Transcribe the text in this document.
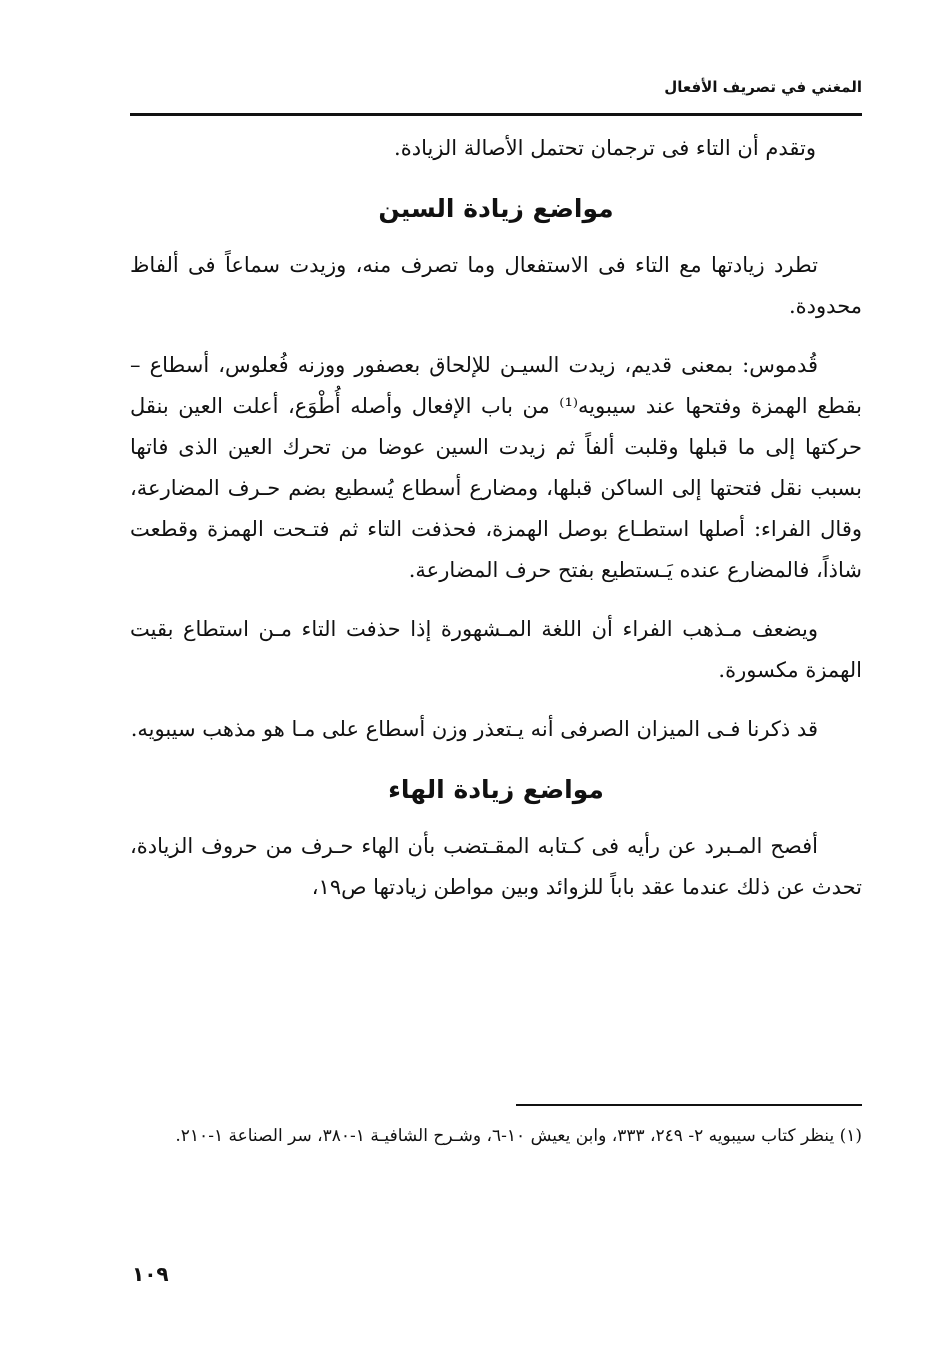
المغني في تصريف الأفعال

وتقدم أن التاء فى ترجمان تحتمل الأصالة الزيادة.

مواضع زيادة السين

تطرد زيادتها مع التاء فى الاستفعال وما تصرف منه، وزيدت سماعاً فى ألفاظ محدودة.

قُدموس: بمعنى قديم، زيدت السيـن للإلحاق بعصفور ووزنه فُعلوس، أسطاع – بقطع الهمزة وفتحها عند سيبويه⁽¹⁾ من باب الإفعال وأصله أُطْوَع، أعلت العين بنقل حركتها إلى ما قبلها وقلبت ألفاً ثم زيدت السين عوضا من تحرك العين الذى فاتها بسبب نقل فتحتها إلى الساكن قبلها، ومضارع أسطاع يُسطيع بضم حـرف المضارعة، وقال الفراء: أصلها استطـاع بوصل الهمزة، فحذفت التاء ثم فتـحت الهمزة وقطعت شاذاً، فالمضارع عنده يَـستطيع بفتح حرف المضارعة.

ويضعف مـذهب الفراء أن اللغة المـشهورة إذا حذفت التاء مـن استطاع بقيت الهمزة مكسورة.

قد ذكرنا فـى الميزان الصرفى أنه يـتعذر وزن أسطاع على مـا هو مذهب سيبويه.

مواضع زيادة الهاء

أفصح المـبرد عن رأيه فى كـتابه المقـتضب بأن الهاء حـرف من حروف الزيادة، تحدث عن ذلك عندما عقد باباً للزوائد وبين مواطن زيادتها ص١٩،

(١) ينظر كتاب سيبويه ٢- ٢٤٩، ٣٣٣، وابن يعيش ١٠-٦، وشـرح الشافيـة ١-٣٨٠، سر الصناعة ١-٢١٠.
١٠٩
